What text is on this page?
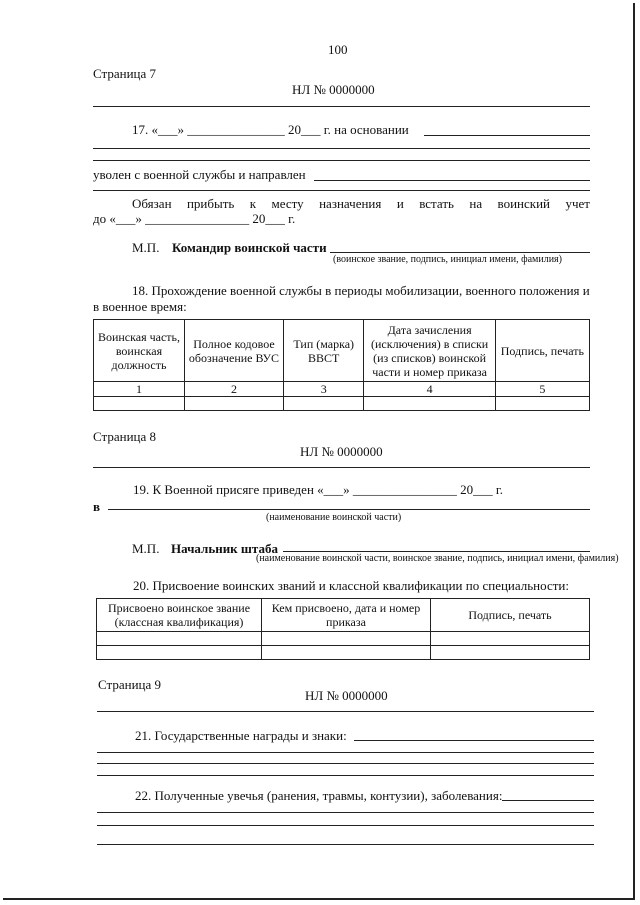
100
Страница 7
НЛ № 0000000
17. «___» _______________ 20___ г. на основании
уволен с военной службы и направлен
Обязан прибыть к месту назначения и встать на воинский учет
до «___» ________________ 20___ г.
М.П. Командир воинской части
(воинское звание, подпись, инициал имени, фамилия)
18. Прохождение военной службы в периоды мобилизации, военного положения и
в военное время:
Воинская часть, воинская должность	Полное кодовое обозначение ВУС	Тип (марка) ВВСТ	Дата зачисления (исключения) в списки (из списков) воинской части и номер приказа	Подпись, печать
1	2	3	4	5

Страница 8
НЛ № 0000000
19. К Военной присяге приведен «___» ________________ 20___ г.
в
(наименование воинской части)
М.П. Начальник штаба
(наименование воинской части, воинское звание, подпись, инициал имени, фамилия)
20. Присвоение воинских званий и классной квалификации по специальности:
Присвоено воинское звание (классная квалификация)	Кем присвоено, дата и номер приказа	Подпись, печать

Страница 9
НЛ № 0000000
21. Государственные награды и знаки:
22. Полученные увечья (ранения, травмы, контузии), заболевания:
